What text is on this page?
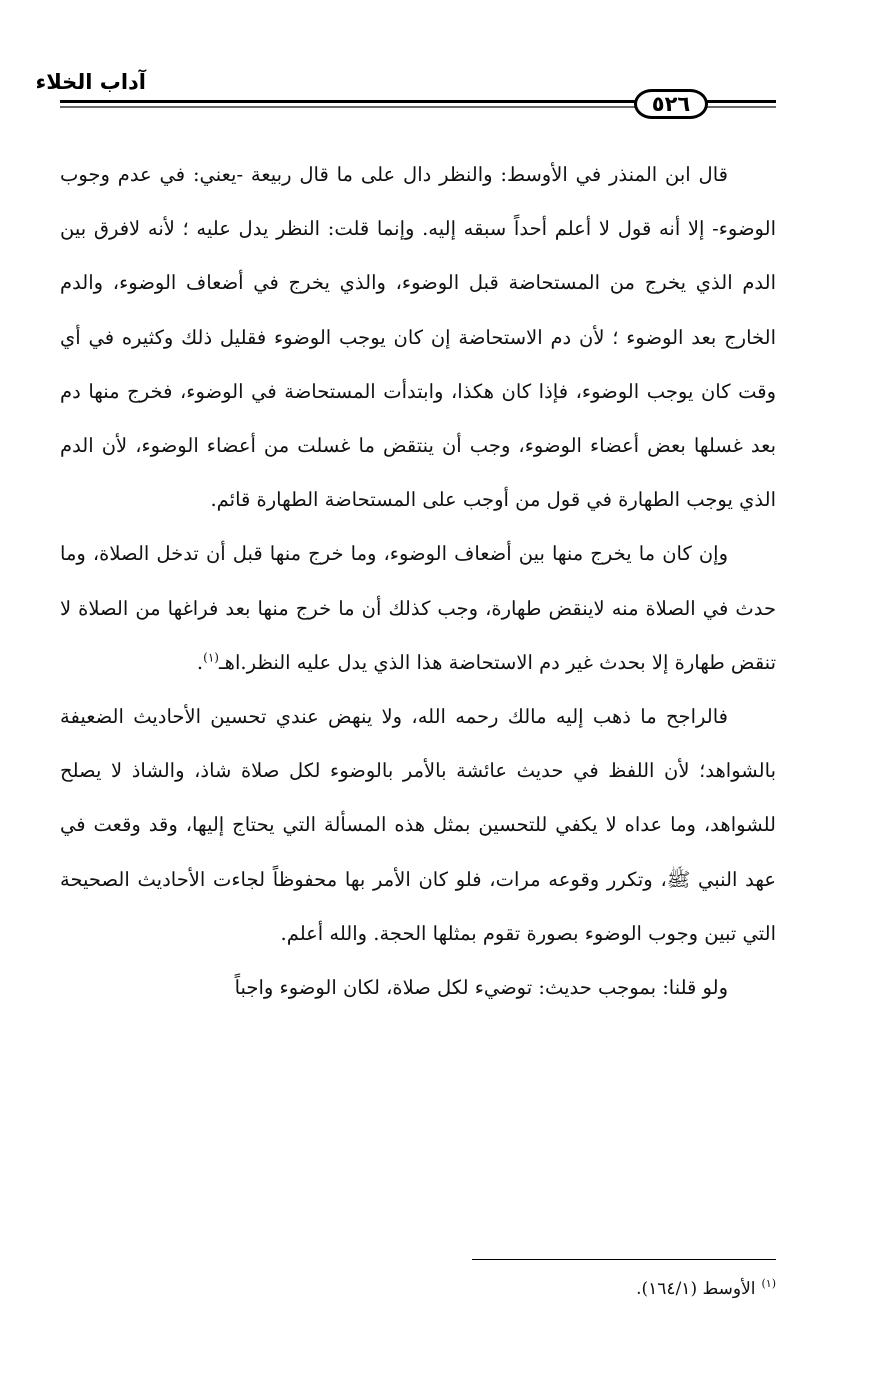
آداب الخلاء
٥٢٦

قال ابن المنذر في الأوسط: والنظر دال على ما قال ربيعة -يعني: في عدم وجوب الوضوء- إلا أنه قول لا أعلم أحداً سبقه إليه. وإنما قلت: النظر يدل عليه ؛ لأنه لافرق بين الدم الذي يخرج من المستحاضة قبل الوضوء، والذي يخرج في أضعاف الوضوء، والدم الخارج بعد الوضوء ؛ لأن دم الاستحاضة إن كان يوجب الوضوء فقليل ذلك وكثيره في أي وقت كان يوجب الوضوء، فإذا كان هكذا، وابتدأت المستحاضة في الوضوء، فخرج منها دم بعد غسلها بعض أعضاء الوضوء، وجب أن ينتقض ما غسلت من أعضاء الوضوء، لأن الدم الذي يوجب الطهارة في قول من أوجب على المستحاضة الطهارة قائم.

وإن كان ما يخرج منها بين أضعاف الوضوء، وما خرج منها قبل أن تدخل الصلاة، وما حدث في الصلاة منه لاينقض طهارة، وجب كذلك أن ما خرج منها بعد فراغها من الصلاة لا تنقض طهارة إلا بحدث غير دم الاستحاضة هذا الذي يدل عليه النظر.اهـ$^{(١)}$.

فالراجح ما ذهب إليه مالك رحمه الله، ولا ينهض عندي تحسين الأحاديث الضعيفة بالشواهد؛ لأن اللفظ في حديث عائشة بالأمر بالوضوء لكل صلاة شاذ، والشاذ لا يصلح للشواهد، وما عداه لا يكفي للتحسين بمثل هذه المسألة التي يحتاج إليها، وقد وقعت في عهد النبي ﷺ، وتكرر وقوعه مرات، فلو كان الأمر بها محفوظاً لجاءت الأحاديث الصحيحة التي تبين وجوب الوضوء بصورة تقوم بمثلها الحجة. والله أعلم.

ولو قلنا: بموجب حديث: توضيء لكل صلاة، لكان الوضوء واجباً

$^{(١)}$الأوسط (١٦٤/١).
